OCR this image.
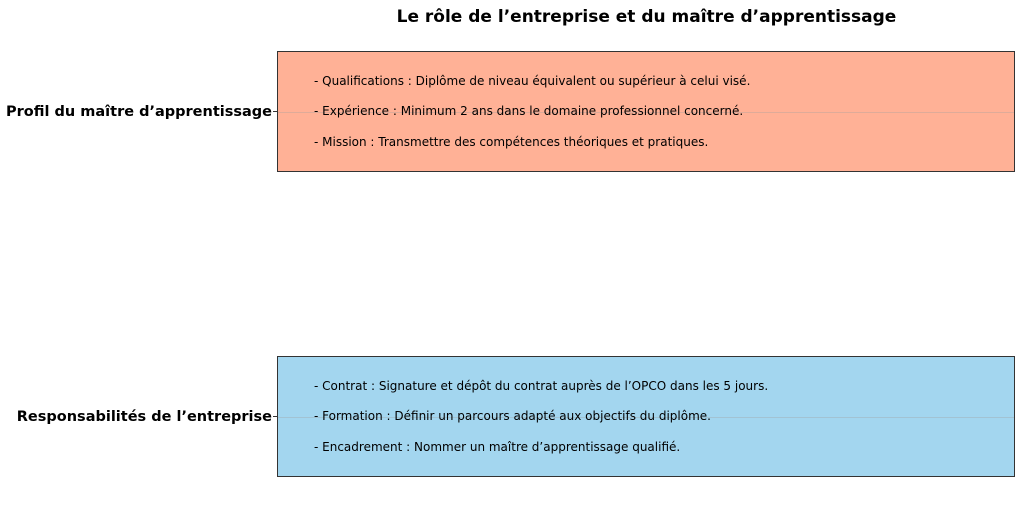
Le rôle de l’entreprise et du maître d’apprentissage
Profil du maître d’apprentissage
- Qualifications : Diplôme de niveau équivalent ou supérieur à celui visé.
- Expérience : Minimum 2 ans dans le domaine professionnel concerné.
- Mission : Transmettre des compétences théoriques et pratiques.
Responsabilités de l’entreprise
- Contrat : Signature et dépôt du contrat auprès de l’OPCO dans les 5 jours.
- Formation : Définir un parcours adapté aux objectifs du diplôme.
- Encadrement : Nommer un maître d’apprentissage qualifié.
